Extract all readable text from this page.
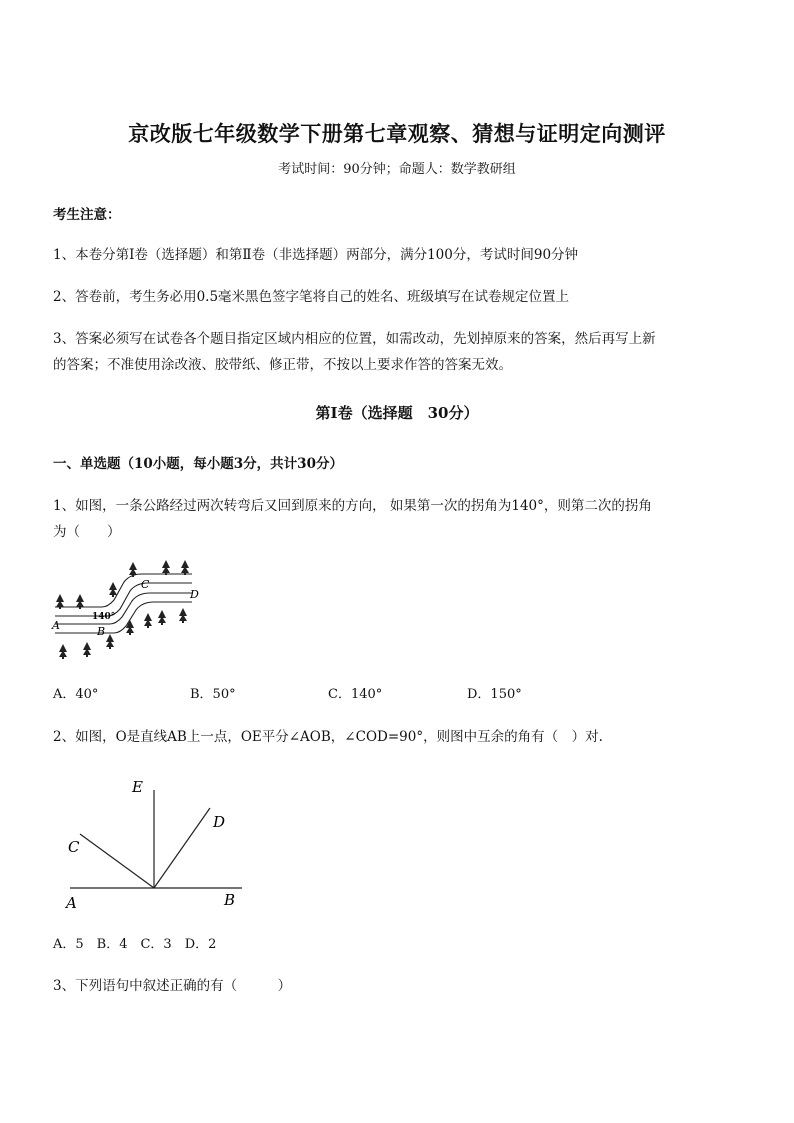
京改版七年级数学下册第七章观察、猜想与证明定向测评
考试时间：90分钟；命题人：数学教研组
考生注意：
1、本卷分第Ⅰ卷（选择题）和第Ⅱ卷（非选择题）两部分，满分100分，考试时间90分钟
2、答卷前，考生务必用0.5毫米黑色签字笔将自己的姓名、班级填写在试卷规定位置上
3、答案必须写在试卷各个题目指定区域内相应的位置，如需改动，先划掉原来的答案，然后再写上新
的答案；不准使用涂改液、胶带纸、修正带，不按以上要求作答的答案无效。
第Ⅰ卷（选择题　30分）
一、单选题（10小题，每小题3分，共计30分）
1、如图，一条公路经过两次转弯后又回到原来的方向， 如果第一次的拐角为140°，则第二次的拐角
为（　　）
140°
A	B
C
D
A．40°	B．50°	C．140°	D．150°
2、如图，O是直线AB上一点，OE平分∠AOB，∠COD=90°，则图中互余的角有（　）对.
E
C
D
A	B
A．5　B．4　C．3　D．2
3、下列语句中叙述正确的有（　　　）
